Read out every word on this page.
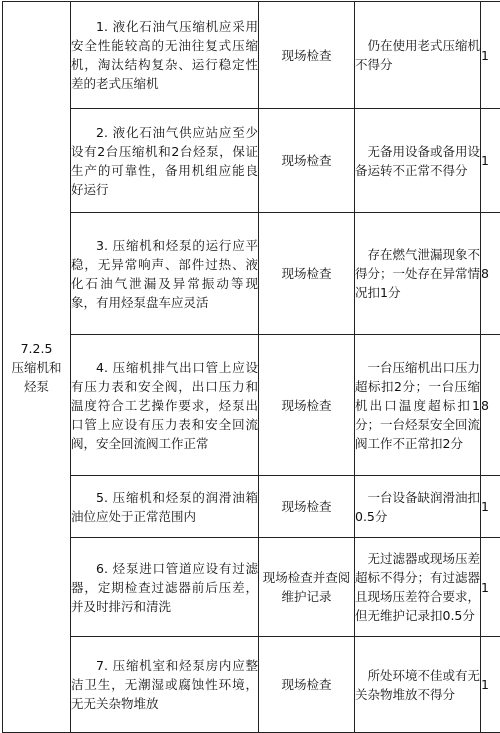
7.2.5
压缩机和烃泵	1. 液化石油气压缩机应采用安全性能较高的无油往复式压缩机，淘汰结构复杂、运行稳定性差的老式压缩机	现场检查	仍在使用老式压缩机不得分	1
	2. 液化石油气供应站应至少设有2台压缩机和2台烃泵，保证生产的可靠性，备用机组应能良好运行	现场检查	无备用设备或备用设备运转不正常不得分	1
	3. 压缩机和烃泵的运行应平稳，无异常响声、部件过热、液化石油气泄漏及异常振动等现象，有用烃泵盘车应灵活	现场检查	存在燃气泄漏现象不得分；一处存在异常情况扣1分	8
	4. 压缩机排气出口管上应设有压力表和安全阀，出口压力和温度符合工艺操作要求，烃泵出口管上应设有压力表和安全回流阀，安全回流阀工作正常	现场检查	一台压缩机出口压力超标扣2分；一台压缩机出口温度超标扣1分；一台烃泵安全回流阀工作不正常扣2分	8
	5. 压缩机和烃泵的润滑油箱油位应处于正常范围内	现场检查	一台设备缺润滑油扣0.5分	1
	6. 烃泵进口管道应设有过滤器，定期检查过滤器前后压差，并及时排污和清洗	现场检查并查阅维护记录	无过滤器或现场压差超标不得分；有过滤器且现场压差符合要求，但无维护记录扣0.5分	1
	7. 压缩机室和烃泵房内应整洁卫生，无潮湿或腐蚀性环境，无无关杂物堆放	现场检查	所处环境不佳或有无关杂物堆放不得分	1
